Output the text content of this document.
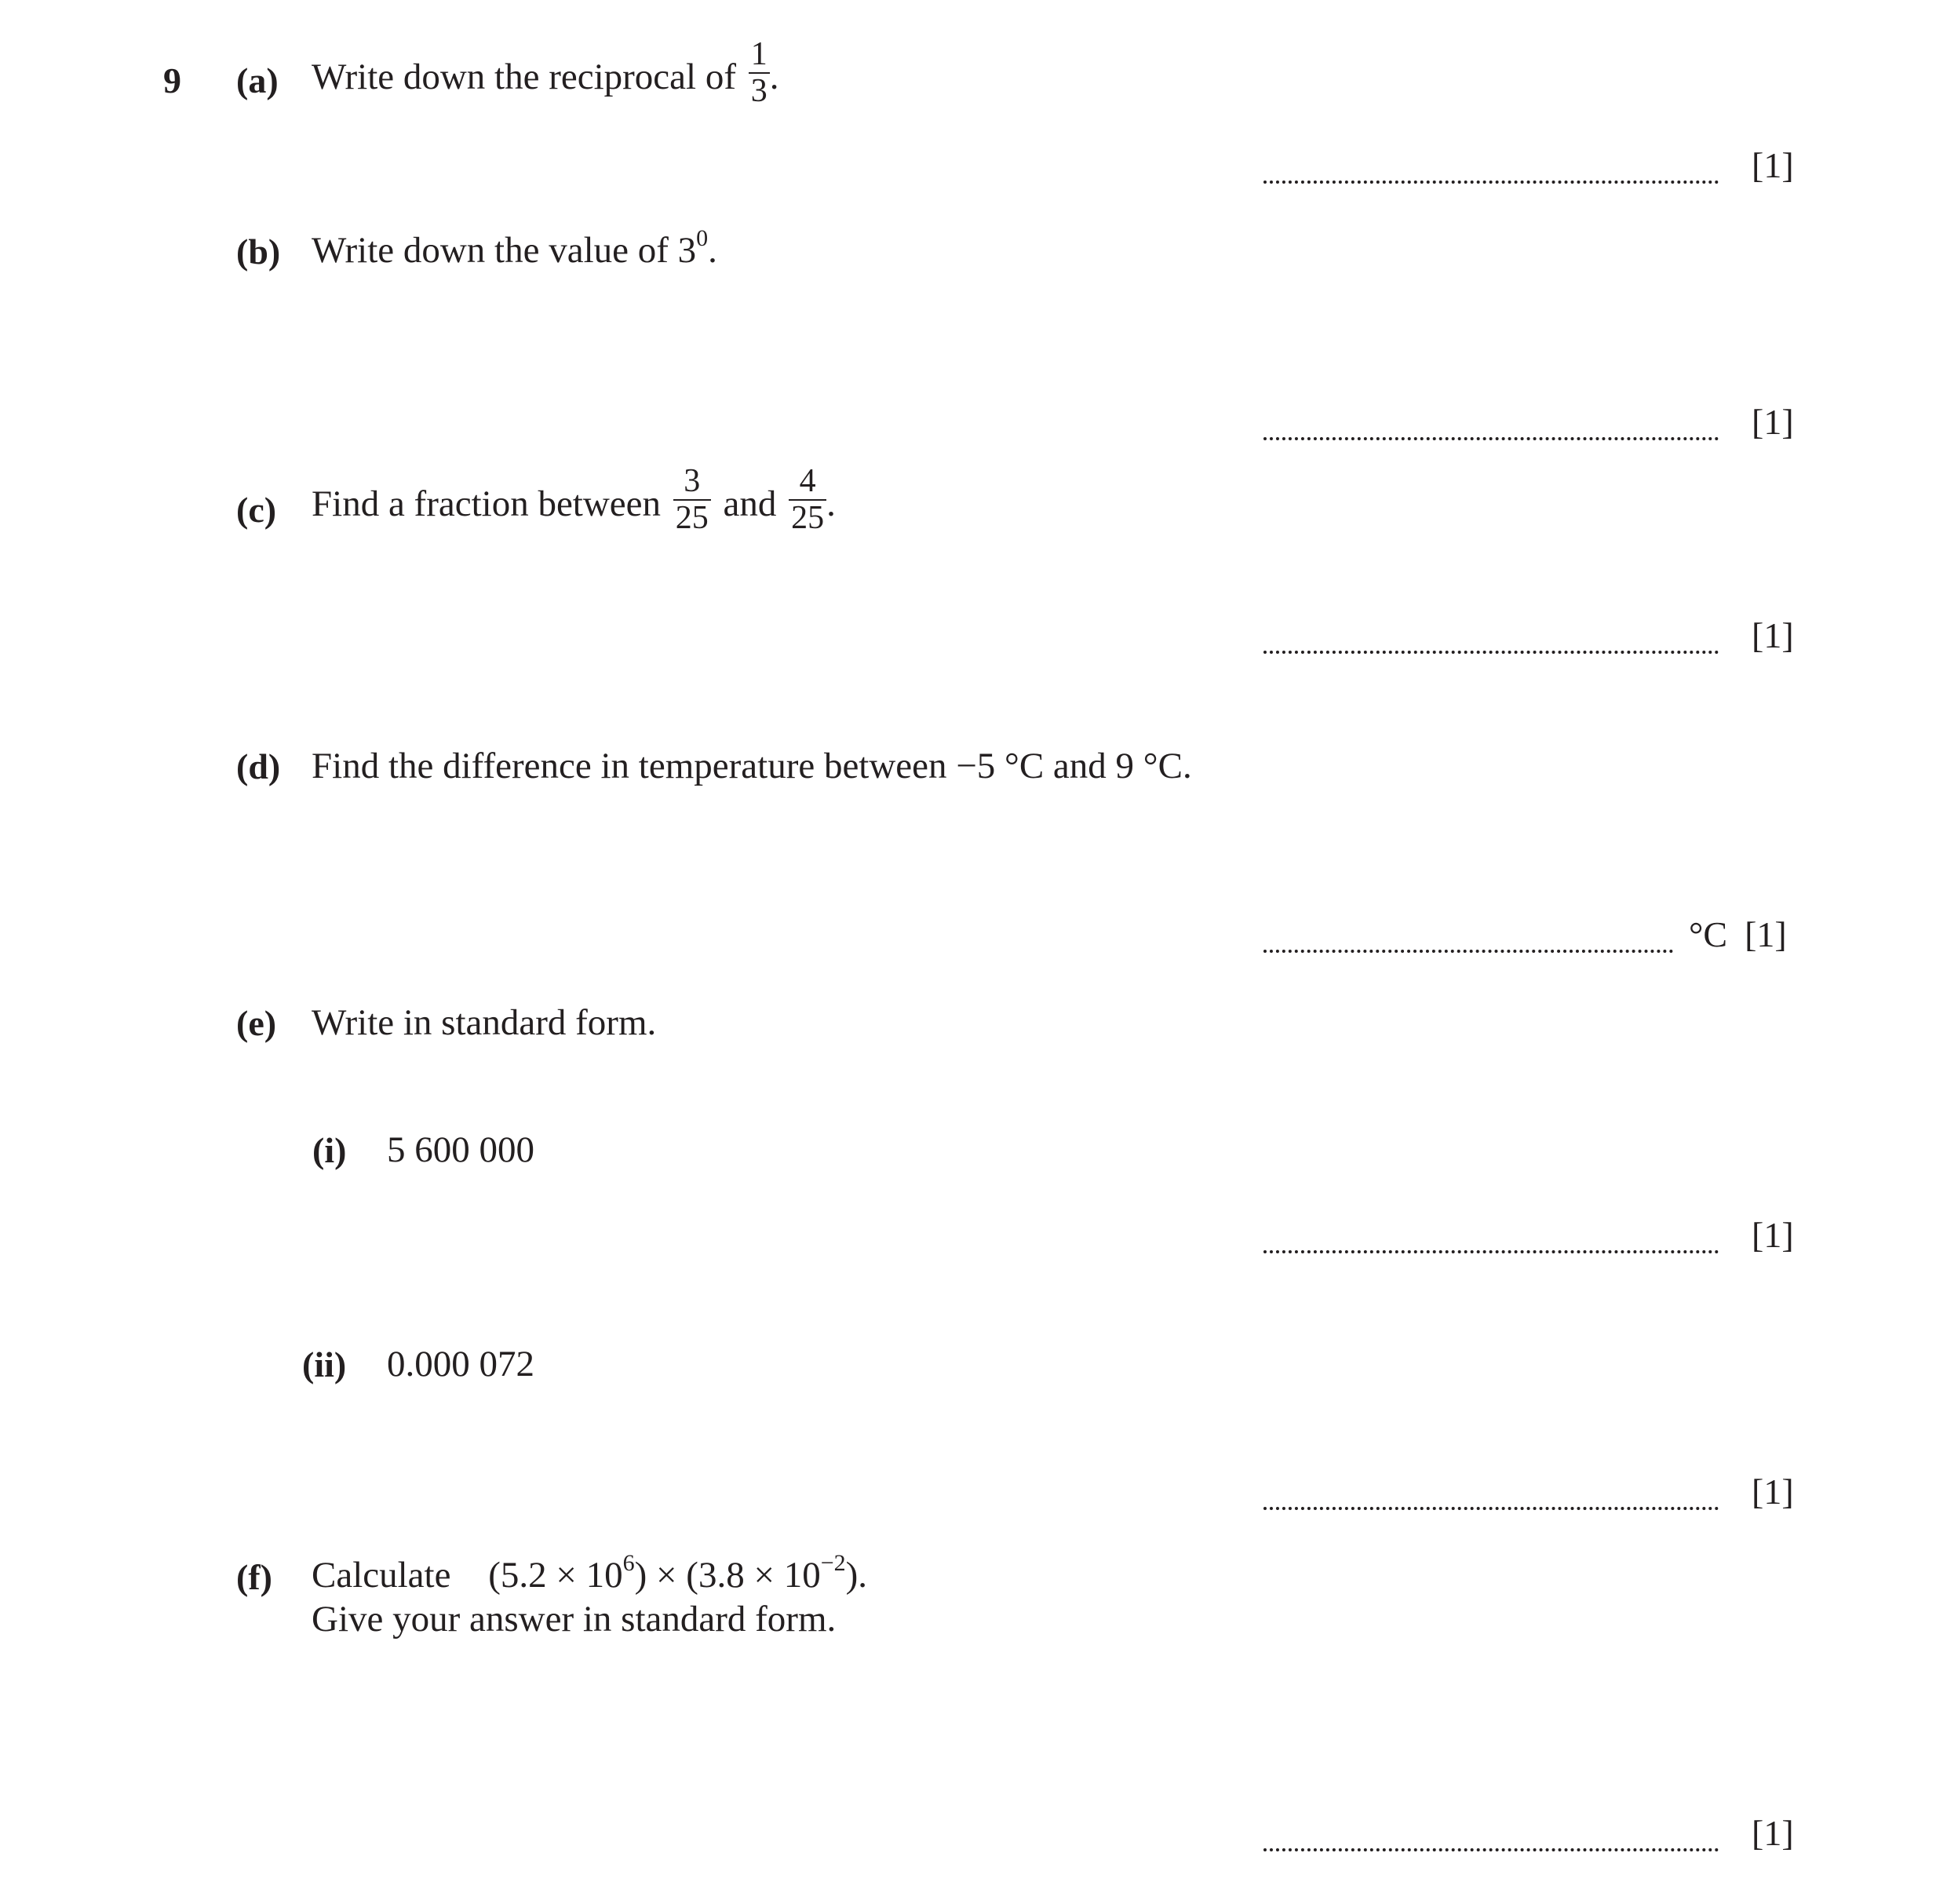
9 (a) Write down the reciprocal of $\frac{1}{3}$ .
[1]
(b) Write down the value of $3^0$.
[1]
(c) Find a fraction between $\frac{3}{25}$ and $\frac{4}{25}$ .
[1]
(d) Find the difference in temperature between −5 °C and 9 °C.
°C [1]
(e) Write in standard form.
(i) 5 600 000
[1]
(ii) 0.000 072
[1]
(f) Calculate $(5.2 \times 10^6) \times (3.8 \times 10^{-2})$.
Give your answer in standard form.
[1]
